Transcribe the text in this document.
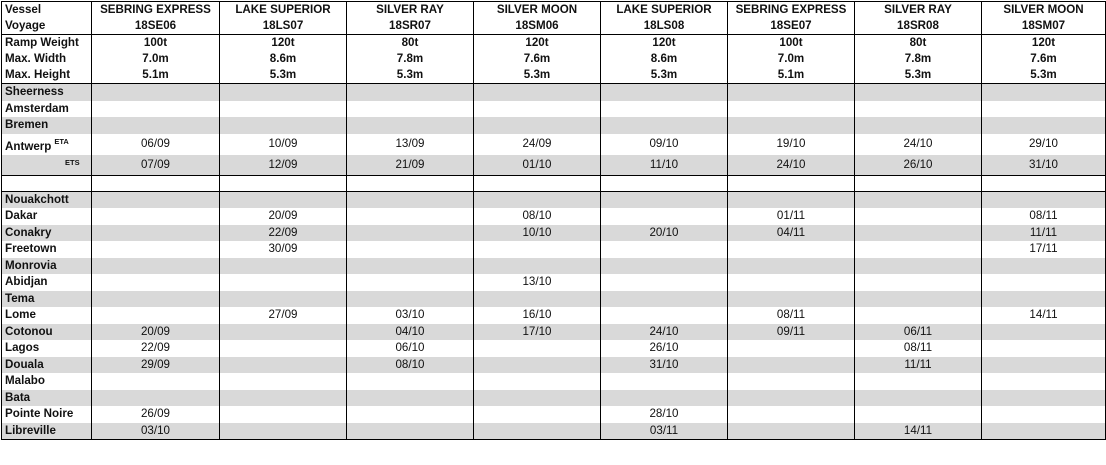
Vessel	SEBRING EXPRESS	LAKE SUPERIOR	SILVER RAY	SILVER MOON	LAKE SUPERIOR	SEBRING EXPRESS	SILVER RAY	SILVER MOON
Voyage	18SE06	18LS07	18SR07	18SM06	18LS08	18SE07	18SR08	18SM07
Ramp Weight	100t	120t	80t	120t	120t	100t	80t	120t
Max. Width	7.0m	8.6m	7.8m	7.6m	8.6m	7.0m	7.8m	7.6m
Max. Height	5.1m	5.3m	5.3m	5.3m	5.3m	5.1m	5.3m	5.3m
Sheerness								
Amsterdam								
Bremen								
Antwerp $^{ETA}$	06/09	10/09	13/09	24/09	09/10	19/10	24/10	29/10
ETS	07/09	12/09	21/09	01/10	11/10	24/10	26/10	31/10

Nouakchott								
Dakar		20/09		08/10		01/11		08/11
Conakry		22/09		10/10	20/10	04/11		11/11
Freetown		30/09						17/11
Monrovia								
Abidjan				13/10				
Tema								
Lome		27/09	03/10	16/10		08/11		14/11
Cotonou	20/09		04/10	17/10	24/10	09/11	06/11	
Lagos	22/09		06/10		26/10		08/11	
Douala	29/09		08/10		31/10		11/11	
Malabo								
Bata								
Pointe Noire	26/09				28/10			
Libreville	03/10				03/11		14/11	
